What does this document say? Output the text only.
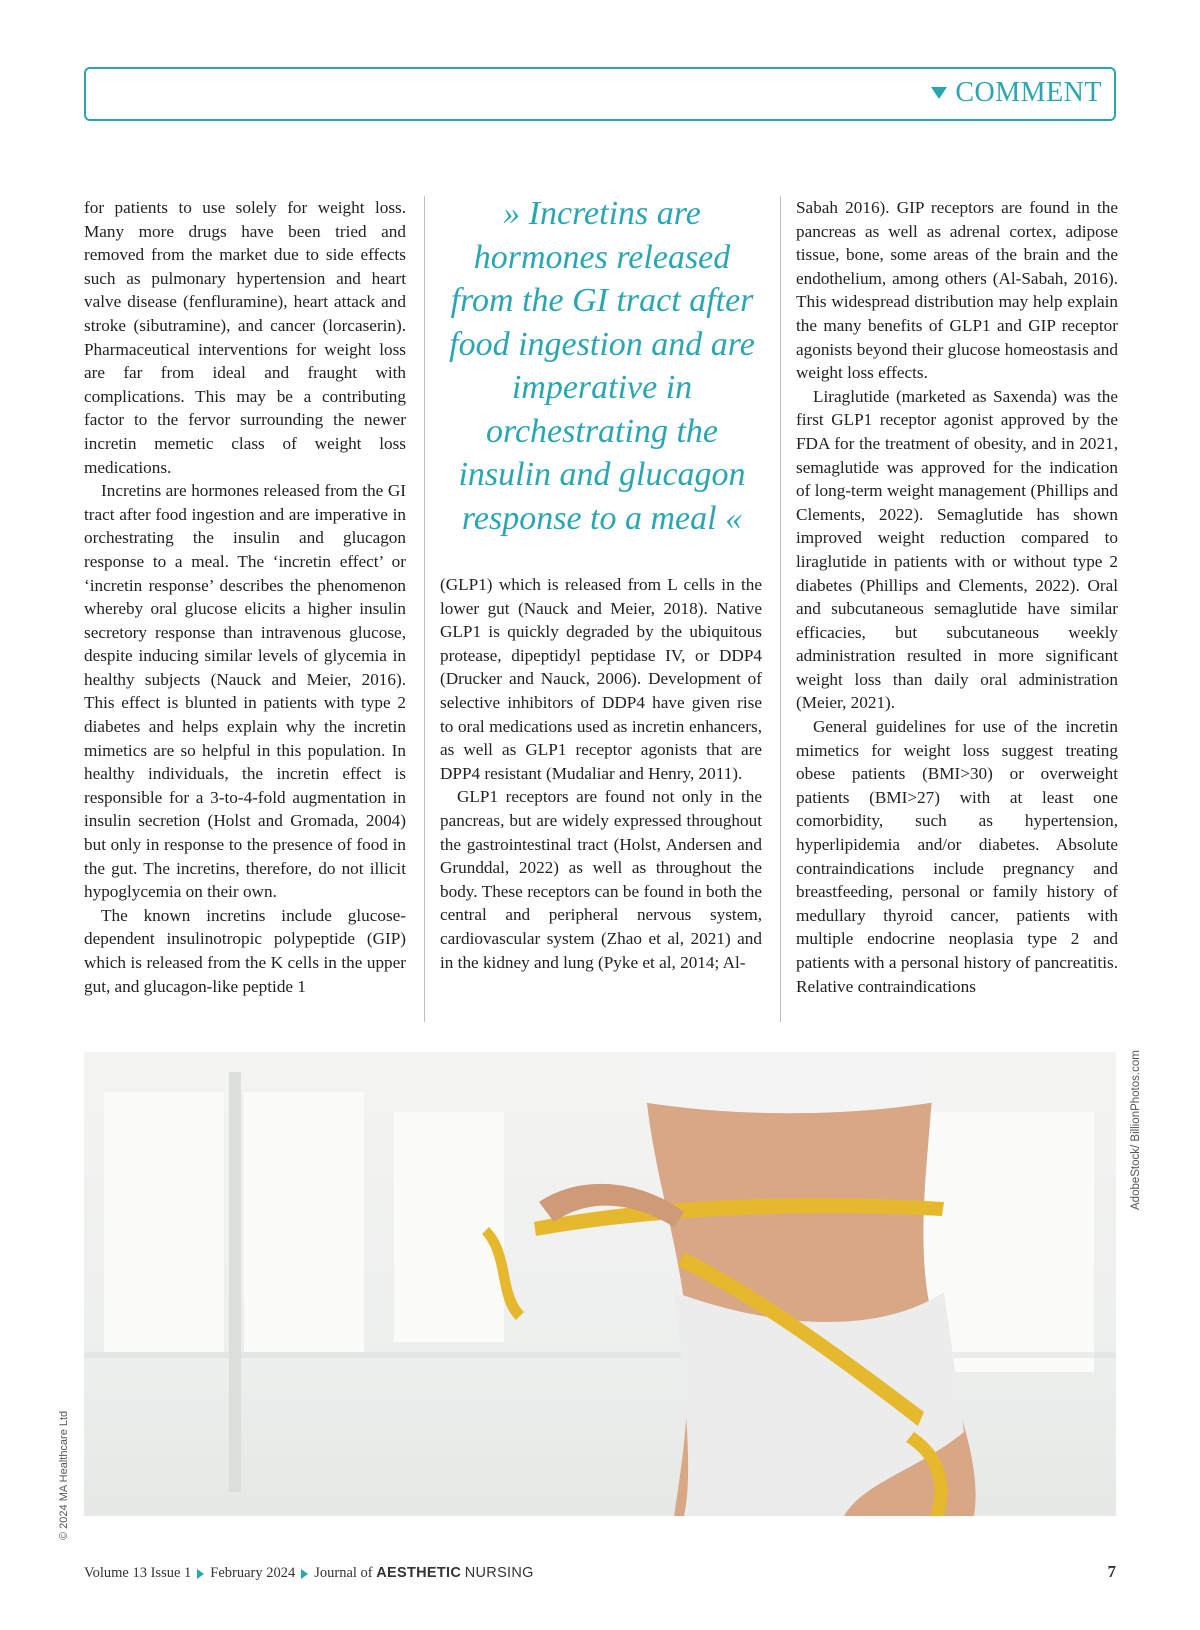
COMMENT

for patients to use solely for weight loss. Many more drugs have been tried and removed from the market due to side effects such as pulmonary hypertension and heart valve disease (fenfluramine), heart attack and stroke (sibutramine), and cancer (lorcaserin). Pharmaceutical interventions for weight loss are far from ideal and fraught with complications. This may be a contributing factor to the fervor surrounding the newer incretin memetic class of weight loss medications.

Incretins are hormones released from the GI tract after food ingestion and are imperative in orchestrating the insulin and glucagon response to a meal. The ‘incretin effect’ or ‘incretin response’ describes the phenomenon whereby oral glucose elicits a higher insulin secretory response than intravenous glucose, despite inducing similar levels of glycemia in healthy subjects (Nauck and Meier, 2016). This effect is blunted in patients with type 2 diabetes and helps explain why the incretin mimetics are so helpful in this population. In healthy individuals, the incretin effect is responsible for a 3-to-4-fold augmentation in insulin secretion (Holst and Gromada, 2004) but only in response to the presence of food in the gut. The incretins, therefore, do not illicit hypoglycemia on their own.

The known incretins include glucose-dependent insulinotropic polypeptide (GIP) which is released from the K cells in the upper gut, and glucagon-like peptide 1

» Incretins are hormones released from the GI tract after food ingestion and are imperative in orchestrating the insulin and glucagon response to a meal «

(GLP1) which is released from L cells in the lower gut (Nauck and Meier, 2018). Native GLP1 is quickly degraded by the ubiquitous protease, dipeptidyl peptidase IV, or DDP4 (Drucker and Nauck, 2006). Development of selective inhibitors of DDP4 have given rise to oral medications used as incretin enhancers, as well as GLP1 receptor agonists that are DPP4 resistant (Mudaliar and Henry, 2011).

GLP1 receptors are found not only in the pancreas, but are widely expressed throughout the gastrointestinal tract (Holst, Andersen and Grunddal, 2022) as well as throughout the body. These receptors can be found in both the central and peripheral nervous system, cardiovascular system (Zhao et al, 2021) and in the kidney and lung (Pyke et al, 2014; Al-

Sabah 2016). GIP receptors are found in the pancreas as well as adrenal cortex, adipose tissue, bone, some areas of the brain and the endothelium, among others (Al-Sabah, 2016). This widespread distribution may help explain the many benefits of GLP1 and GIP receptor agonists beyond their glucose homeostasis and weight loss effects.

Liraglutide (marketed as Saxenda) was the first GLP1 receptor agonist approved by the FDA for the treatment of obesity, and in 2021, semaglutide was approved for the indication of long-term weight management (Phillips and Clements, 2022). Semaglutide has shown improved weight reduction compared to liraglutide in patients with or without type 2 diabetes (Phillips and Clements, 2022). Oral and subcutaneous semaglutide have similar efficacies, but subcutaneous weekly administration resulted in more significant weight loss than daily oral administration (Meier, 2021).

General guidelines for use of the incretin mimetics for weight loss suggest treating obese patients (BMI>30) or overweight patients (BMI>27) with at least one comorbidity, such as hypertension, hyperlipidemia and/or diabetes. Absolute contraindications include pregnancy and breastfeeding, personal or family history of medullary thyroid cancer, patients with multiple endocrine neoplasia type 2 and patients with a personal history of pancreatitis. Relative contraindications

AdobeStock/ BillionPhotos.com
© 2024 MA Healthcare Ltd
Volume 13 Issue 1 February 2024 Journal of AESTHETIC NURSING	7
